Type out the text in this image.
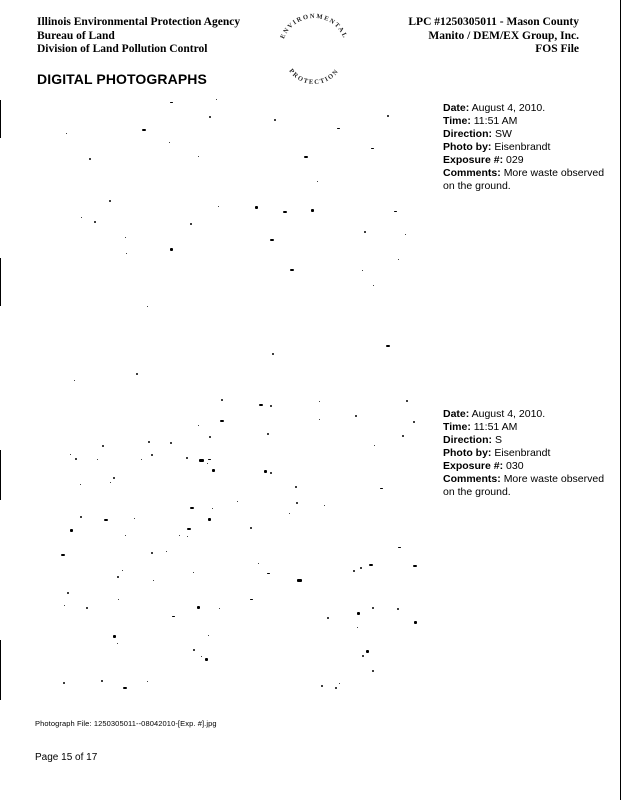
Illinois Environmental Protection Agency
Bureau of Land
Division of Land Pollution Control
ENVIRONMENTAL
PROTECTION
LPC #1250305011 - Mason County
Manito / DEM/EX Group, Inc.
FOS File
DIGITAL PHOTOGRAPHS
Date: August 4, 2010.
Time: 11:51 AM
Direction: SW
Photo by: Eisenbrandt
Exposure #: 029
Comments: More waste observed on the ground.
Date: August 4, 2010.
Time: 11:51 AM
Direction: S
Photo by: Eisenbrandt
Exposure #: 030
Comments: More waste observed on the ground.
Photograph File: 1250305011--08042010-[Exp. #].jpg
Page 15 of 17
